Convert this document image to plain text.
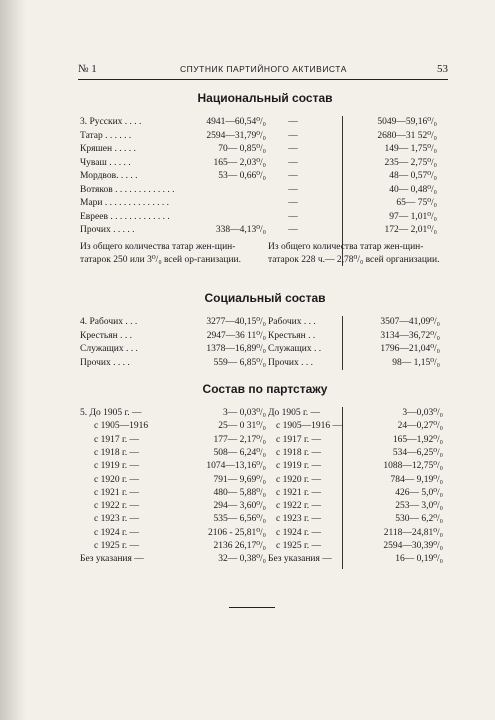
№ 1	СПУТНИК ПАРТИЙНОГО АКТИВИСТА	53
Национальный состав
3. Русских . . . .	4941—60,54⁰/₀	—	5049—59,16⁰/₀
Татар . . . . . .	2594—31,79⁰/₀	—	2680—31 52⁰/₀
Кряшен . . . . .	70— 0,85⁰/₀	—	149— 1,75⁰/₀
Чуваш . . . . .	165— 2,03⁰/₀	—	235— 2,75⁰/₀
Мордвов. . . . .	53— 0,66⁰/₀	—	48— 0,57⁰/₀
Вотяков . . . . . . . . . . . . .	—	40— 0,48⁰/₀
Мари . . . . . . . . . . . . . .	—	65— 75⁰/₀
Евреев . . . . . . . . . . . . .	—	97— 1,01⁰/₀
Прочих . . . . .	338—4,13⁰/₀	—	172— 2,01⁰/₀
Из общего количества татар жен-щин-татарок 250 или 3⁰/₀ всей ор-ганизации.
Из общего количества татар жен-щин-татарок 228 ч.— 2,78⁰/₀ всей организации.
Социальный состав
4. Рабочих . . .	3277—40,15⁰/₀ Рабочих . . .	3507—41,09⁰/₀
Крестьян . . .	2947—36 11⁰/₀ Крестьян . .	3134—36,72⁰/₀
Служащих . . .	1378—16,89⁰/₀ Служащих . .	1796—21,04⁰/₀
Прочих . . . .	559— 6,85⁰/₀ Прочих . . .	98— 1,15⁰/₀
Состав по партстажу
5. До 1905 г. —	3— 0,03⁰/₀ До 1905 г. —	3—0,03⁰/₀
с 1905—1916	25— 0 31⁰/₀ с 1905—1916 —	24—0,27⁰/₀
с 1917 г. —	177— 2,17⁰/₀ с 1917 г. —	165—1,92⁰/₀
с 1918 г. —	508— 6,24⁰/₀ с 1918 г. —	534—6,25⁰/₀
с 1919 г. —	1074—13,16⁰/₀ с 1919 г. —	1088—12,75⁰/₀
с 1920 г. —	791— 9,69⁰/₀ с 1920 г. —	784— 9,19⁰/₀
с 1921 г. —	480— 5,88⁰/₀ с 1921 г. —	426— 5,0⁰/₀
с 1922 г. —	294— 3,60⁰/₀ с 1922 г. —	253— 3,0⁰/₀
с 1923 г. —	535— 6,56⁰/₀ с 1923 г. —	530— 6,2⁰/₀
с 1924 г. —	2106 - 25,81⁰/₀ с 1924 г. —	2118—24,81⁰/₀
с 1925 г. —	2136 26,17⁰/₀ с 1925 г. —	2594—30,39⁰/₀
Без указания —	32— 0,38⁰/₀ Без указания —	16— 0,19⁰/₀
